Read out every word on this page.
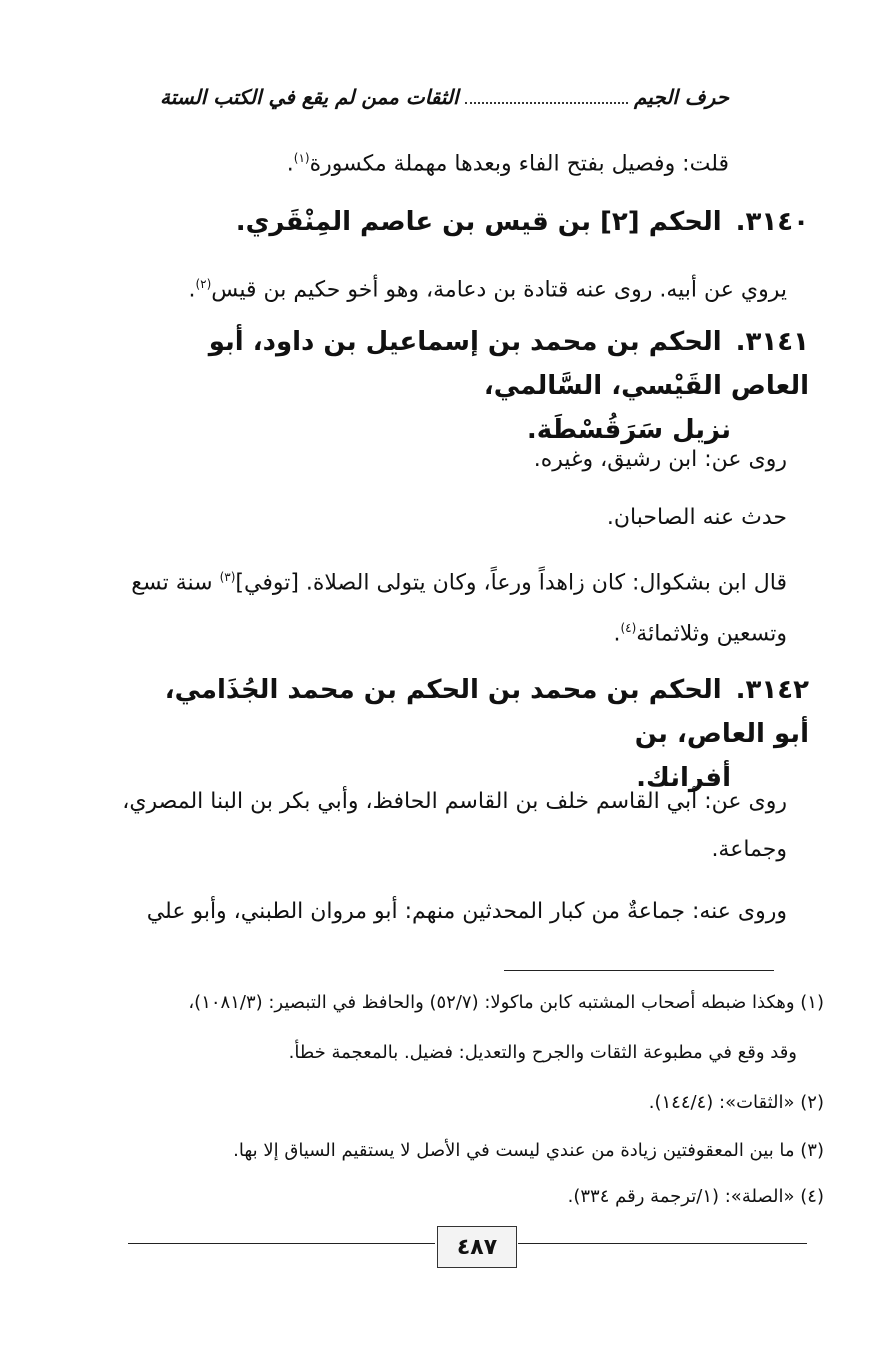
حرف الجيم
الثقات ممن لم يقع في الكتب الستة
قلت: وفصيل بفتح الفاء وبعدها مهملة مكسورة$^{(١)}$.
٣١٤٠.الحكم [٢] بن قيس بن عاصم المِنْقَري.
يروي عن أبيه. روى عنه قتادة بن دعامة، وهو أخو حكيم بن قيس$^{(٢)}$.
٣١٤١.الحكم بن محمد بن إسماعيل بن داود، أبو العاص القَيْسي، السَّالمي،
نزيل سَرَقُسْطَة.
روى عن: ابن رشيق، وغيره.
حدث عنه الصاحبان.
قال ابن بشكوال: كان زاهداً ورعاً، وكان يتولى الصلاة. [توفي]$^{(٣)}$ سنة تسع
وتسعين وثلاثمائة$^{(٤)}$.
٣١٤٢.الحكم بن محمد بن الحكم بن محمد الجُذَامي، أبو العاص، بن
أفرانك.
روى عن: أبي القاسم خلف بن القاسم الحافظ، وأبي بكر بن البنا المصري،
وجماعة.
وروى عنه: جماعةٌ من كبار المحدثين منهم: أبو مروان الطبني، وأبو علي
(١) وهكذا ضبطه أصحاب المشتبه كابن ماكولا: (٥٢/٧) والحافظ في التبصير: (١٠٨١/٣)،
وقد وقع في مطبوعة الثقات والجرح والتعديل: فضيل. بالمعجمة خطأ.
(٢) «الثقات»: (١٤٤/٤).
(٣) ما بين المعقوفتين زيادة من عندي ليست في الأصل لا يستقيم السياق إلا بها.
(٤) «الصلة»: (١/ترجمة رقم ٣٣٤).
٤٨٧
